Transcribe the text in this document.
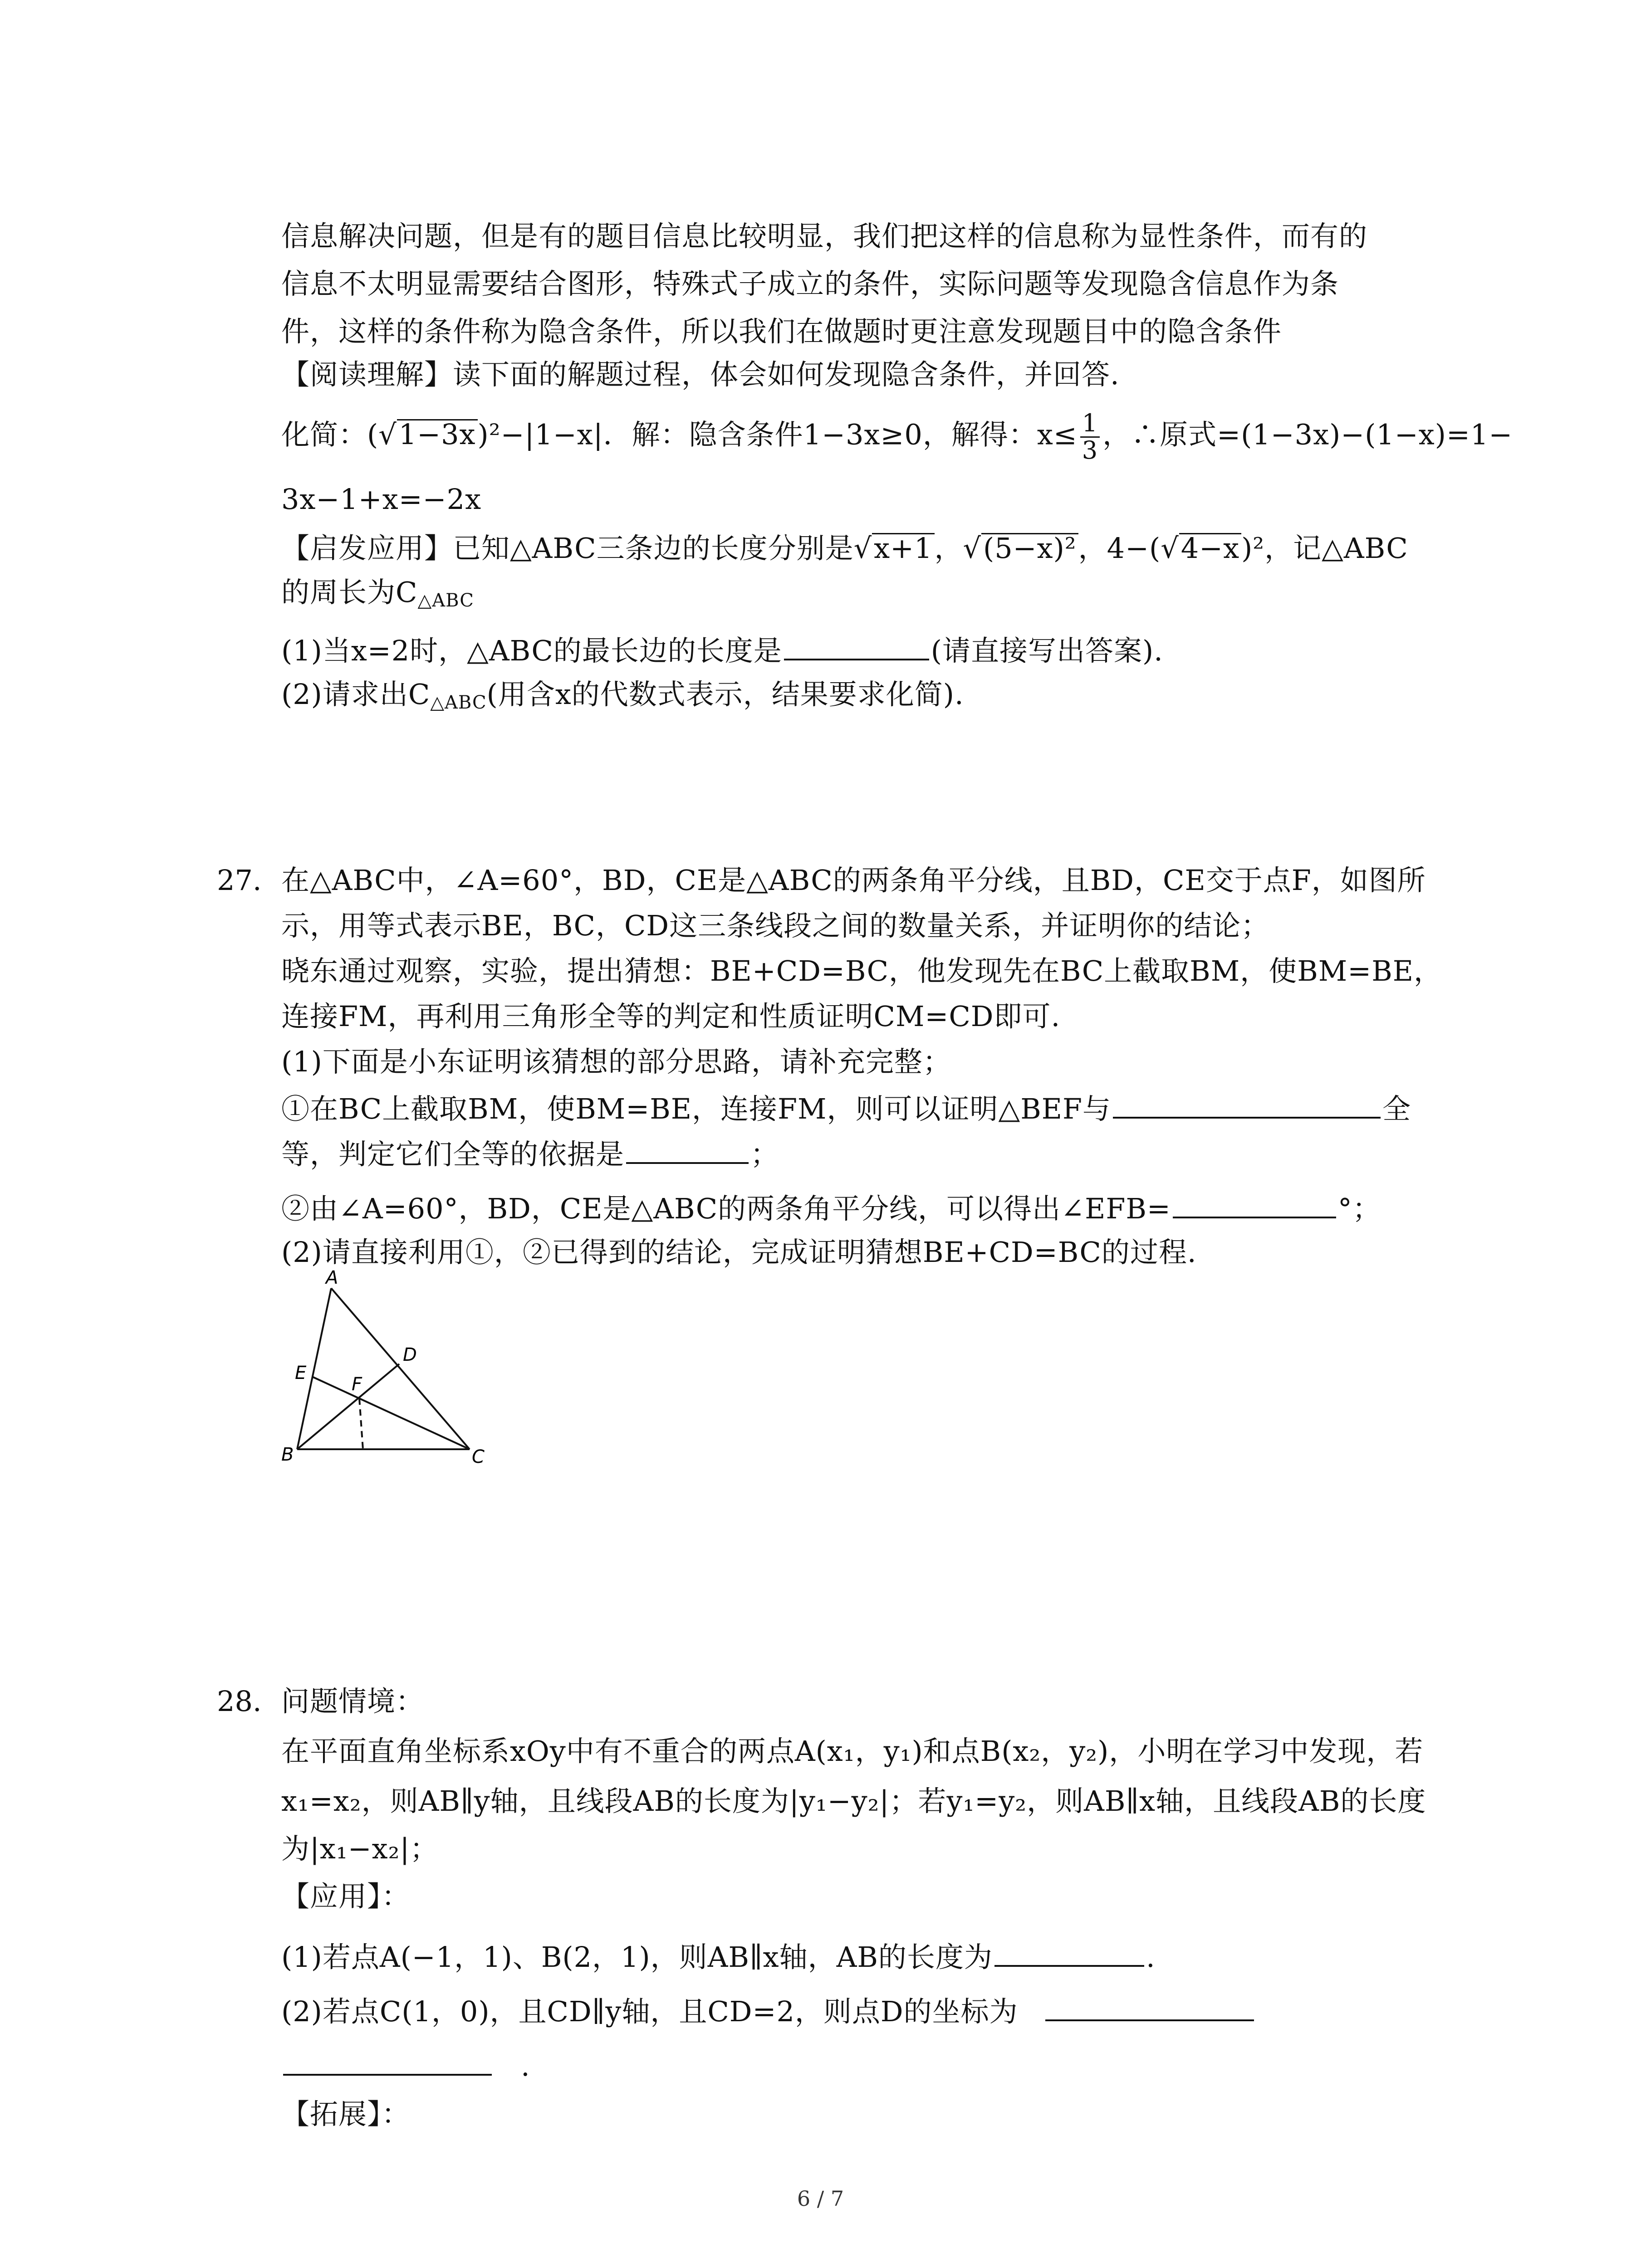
信息解决问题，但是有的题目信息比较明显，我们把这样的信息称为显性条件，而有的
信息不太明显需要结合图形，特殊式子成立的条件，实际问题等发现隐含信息作为条
件，这样的条件称为隐含条件，所以我们在做题时更注意发现题目中的隐含条件
【阅读理解】读下面的解题过程，体会如何发现隐含条件，并回答.
化简：(√1−3x)²−|1−x|．解：隐含条件1−3x≥0，解得：$x\le \frac{1}{3}$ ，∴原式=(1−3x)−(1−x)=1−
3x−1+x=−2x
【启发应用】已知△ABC三条边的长度分别是√x+1，√(5−x)²，4−(√4−x)²，记△ABC
的周长为$C_{\triangle ABC}$
(1)当x=2时，△ABC的最长边的长度是	(请直接写出答案).
(2)请求出$C_{\triangle ABC}$(用含x的代数式表示，结果要求化简).
27. 在△ABC中，∠A=60°，BD，CE是△ABC的两条角平分线，且BD，CE交于点F，如图所
示，用等式表示BE，BC，CD这三条线段之间的数量关系，并证明你的结论；
晓东通过观察，实验，提出猜想：BE+CD=BC，他发现先在BC上截取BM，使BM=BE，
连接FM，再利用三角形全等的判定和性质证明CM=CD即可.
(1)下面是小东证明该猜想的部分思路，请补充完整；
①在BC上截取BM，使BM=BE，连接FM，则可以证明△BEF与	全
等，判定它们全等的依据是	；
②由∠A=60°，BD，CE是△ABC的两条角平分线，可以得出∠EFB=	°；
(2)请直接利用①，②已得到的结论，完成证明猜想BE+CD=BC的过程.
A
B	C
D
E
F
28. 问题情境：
在平面直角坐标系xOy中有不重合的两点A(x₁，y₁)和点B(x₂，y₂)，小明在学习中发现，若
x₁=x₂，则AB∥y轴，且线段AB的长度为|y₁−y₂|；若y₁=y₂，则AB∥x轴，且线段AB的长度
为|x₁−x₂|；
【应用】：
(1)若点A(−1，1)、B(2，1)，则AB∥x轴，AB的长度为	.
(2)若点C(1，0)，且CD∥y轴，且CD=2，则点D的坐标为
.
【拓展】：
6 / 7
